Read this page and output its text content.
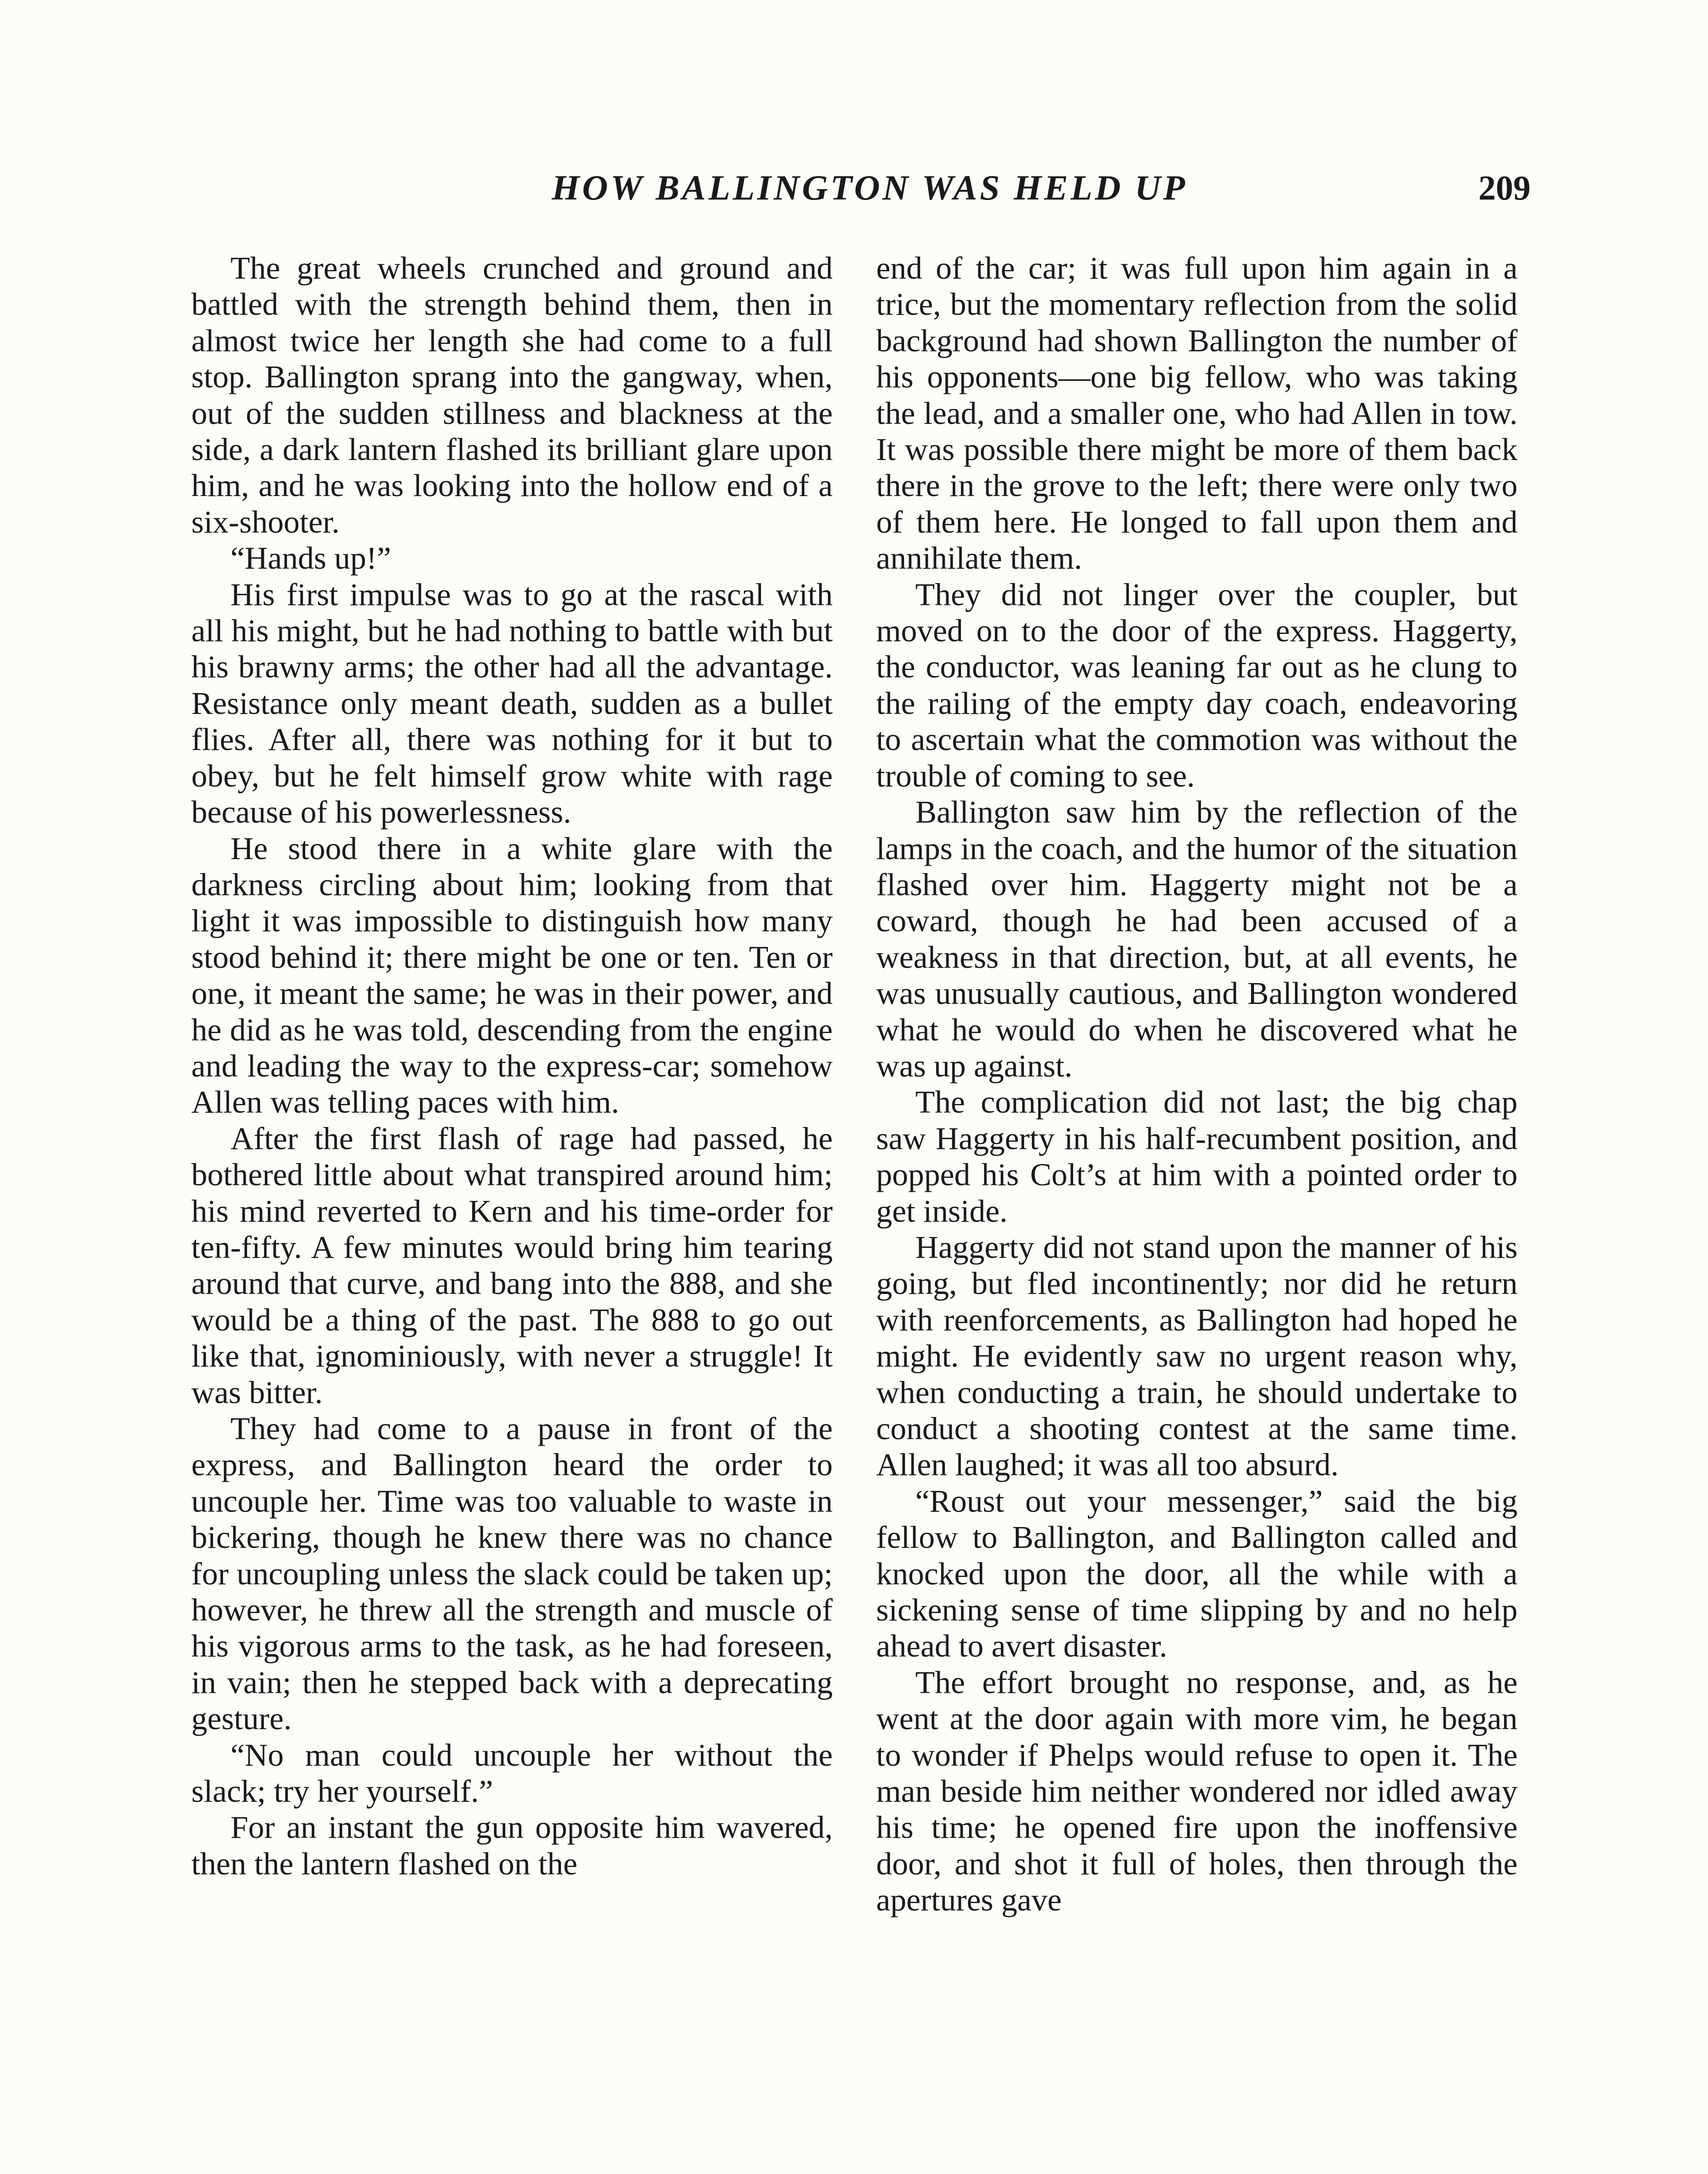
HOW BALLINGTON WAS HELD UP	209

The great wheels crunched and ground and battled with the strength behind them, then in almost twice her length she had come to a full stop. Ballington sprang into the gangway, when, out of the sudden stillness and blackness at the side, a dark lantern flashed its brilliant glare upon him, and he was looking into the hollow end of a six-shooter.

“Hands up!”

His first impulse was to go at the rascal with all his might, but he had nothing to battle with but his brawny arms; the other had all the advantage. Resistance only meant death, sudden as a bullet flies. After all, there was nothing for it but to obey, but he felt himself grow white with rage because of his powerlessness.

He stood there in a white glare with the darkness circling about him; looking from that light it was impossible to distinguish how many stood behind it; there might be one or ten. Ten or one, it meant the same; he was in their power, and he did as he was told, descending from the engine and leading the way to the express-car; somehow Allen was telling paces with him.

After the first flash of rage had passed, he bothered little about what transpired around him; his mind reverted to Kern and his time-order for ten-fifty. A few minutes would bring him tearing around that curve, and bang into the 888, and she would be a thing of the past. The 888 to go out like that, ignominiously, with never a struggle! It was bitter.

They had come to a pause in front of the express, and Ballington heard the order to uncouple her. Time was too valuable to waste in bickering, though he knew there was no chance for uncoupling unless the slack could be taken up; however, he threw all the strength and muscle of his vigorous arms to the task, as he had foreseen, in vain; then he stepped back with a deprecating gesture.

“No man could uncouple her without the slack; try her yourself.”

For an instant the gun opposite him wavered, then the lantern flashed on the

end of the car; it was full upon him again in a trice, but the momentary reflection from the solid background had shown Ballington the number of his opponents—one big fellow, who was taking the lead, and a smaller one, who had Allen in tow. It was possible there might be more of them back there in the grove to the left; there were only two of them here. He longed to fall upon them and annihilate them.

They did not linger over the coupler, but moved on to the door of the express. Haggerty, the conductor, was leaning far out as he clung to the railing of the empty day coach, endeavoring to ascertain what the commotion was without the trouble of coming to see.

Ballington saw him by the reflection of the lamps in the coach, and the humor of the situation flashed over him. Haggerty might not be a coward, though he had been accused of a weakness in that direction, but, at all events, he was unusually cautious, and Ballington wondered what he would do when he discovered what he was up against.

The complication did not last; the big chap saw Haggerty in his half-recumbent position, and popped his Colt’s at him with a pointed order to get inside.

Haggerty did not stand upon the manner of his going, but fled incontinently; nor did he return with reenforcements, as Ballington had hoped he might. He evidently saw no urgent reason why, when conducting a train, he should undertake to conduct a shooting contest at the same time. Allen laughed; it was all too absurd.

“Roust out your messenger,” said the big fellow to Ballington, and Ballington called and knocked upon the door, all the while with a sickening sense of time slipping by and no help ahead to avert disaster.

The effort brought no response, and, as he went at the door again with more vim, he began to wonder if Phelps would refuse to open it. The man beside him neither wondered nor idled away his time; he opened fire upon the inoffensive door, and shot it full of holes, then through the apertures gave
